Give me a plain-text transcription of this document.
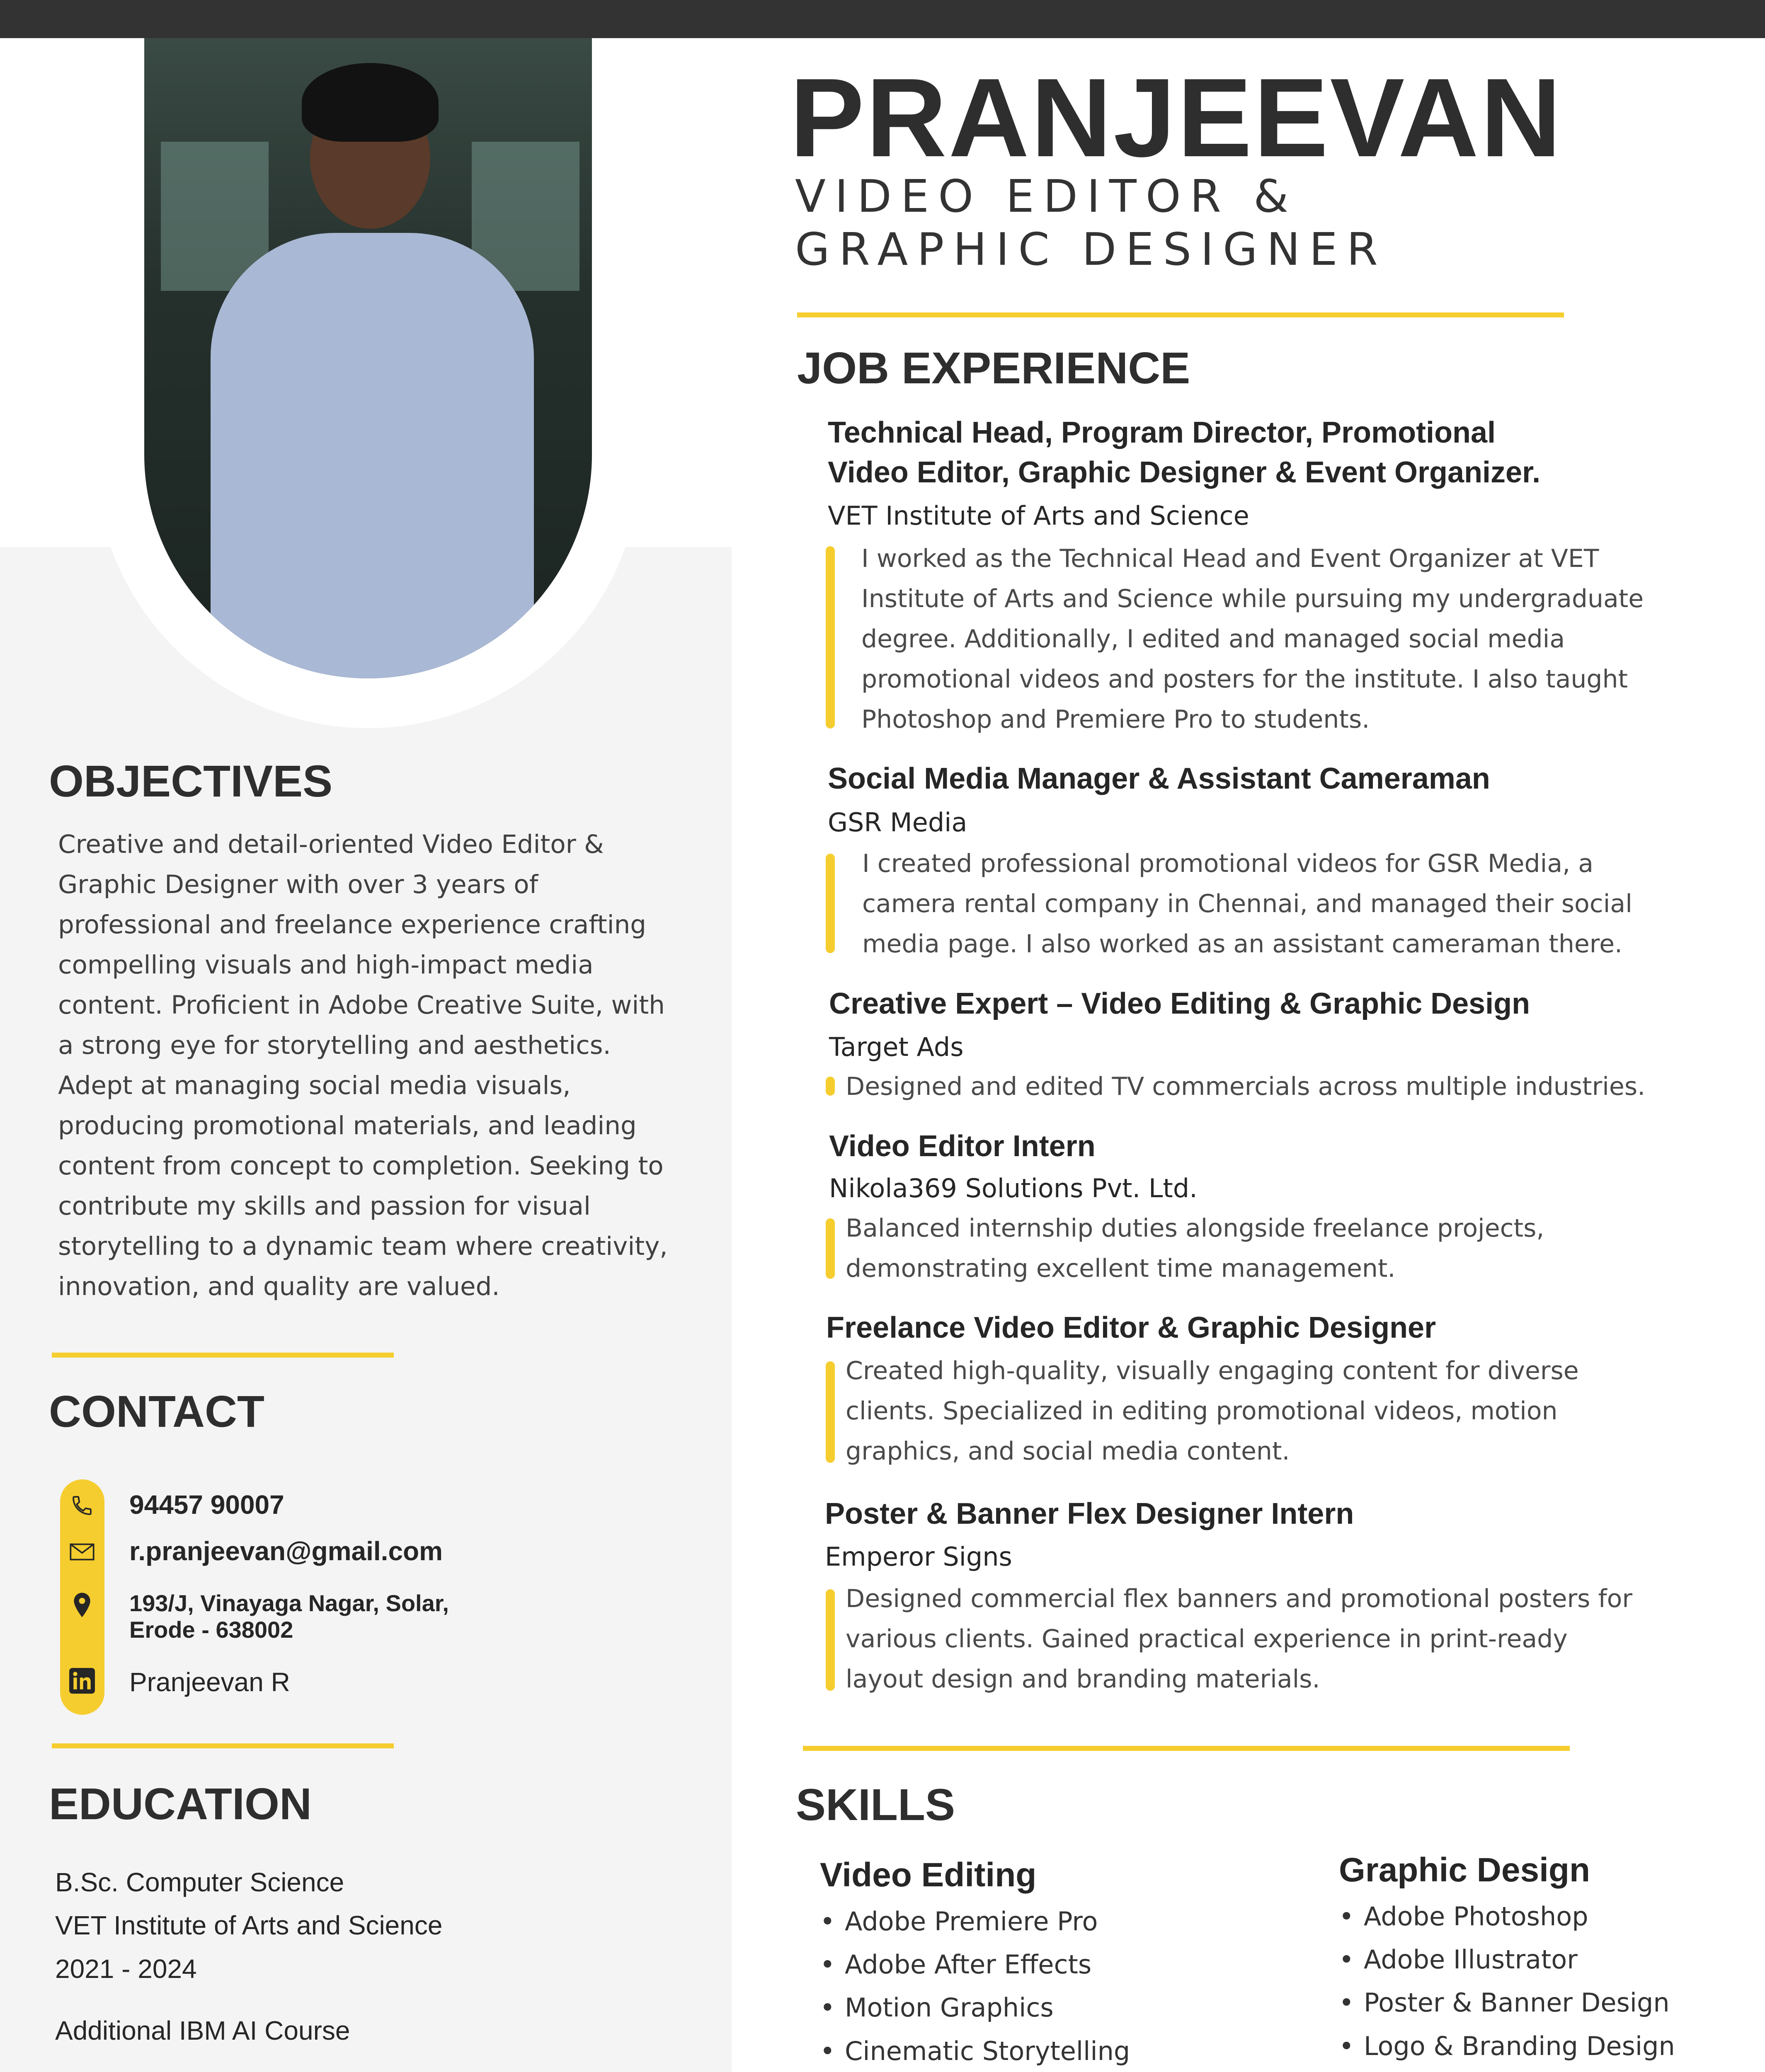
PRANJEEVAN
VIDEO EDITOR &
GRAPHIC DESIGNER
OBJECTIVES
Creative and detail-oriented Video Editor &
Graphic Designer with over 3 years of
professional and freelance experience crafting
compelling visuals and high-impact media
content. Proficient in Adobe Creative Suite, with
a strong eye for storytelling and aesthetics.
Adept at managing social media visuals,
producing promotional materials, and leading
content from concept to completion. Seeking to
contribute my skills and passion for visual
storytelling to a dynamic team where creativity,
innovation, and quality are valued.
CONTACT
94457 90007
r.pranjeevan@gmail.com
193/J, Vinayaga Nagar, Solar,
Erode - 638002
Pranjeevan R
EDUCATION
B.Sc. Computer Science
VET Institute of Arts and Science
2021 - 2024
Additional IBM AI Course
JOB EXPERIENCE
Technical Head, Program Director, Promotional
Video Editor, Graphic Designer & Event Organizer.
VET Institute of Arts and Science
I worked as the Technical Head and Event Organizer at VET
Institute of Arts and Science while pursuing my undergraduate
degree. Additionally, I edited and managed social media
promotional videos and posters for the institute. I also taught
Photoshop and Premiere Pro to students.
Social Media Manager & Assistant Cameraman
GSR Media
I created professional promotional videos for GSR Media, a
camera rental company in Chennai, and managed their social
media page. I also worked as an assistant cameraman there.
Creative Expert – Video Editing & Graphic Design
Target Ads
Designed and edited TV commercials across multiple industries.
Video Editor Intern
Nikola369 Solutions Pvt. Ltd.
Balanced internship duties alongside freelance projects,
demonstrating excellent time management.
Freelance Video Editor & Graphic Designer
Created high-quality, visually engaging content for diverse
clients. Specialized in editing promotional videos, motion
graphics, and social media content.
Poster & Banner Flex Designer Intern
Emperor Signs
Designed commercial flex banners and promotional posters for
various clients. Gained practical experience in print-ready
layout design and branding materials.
SKILLS
Video Editing
• Adobe Premiere Pro
• Adobe After Effects
• Motion Graphics
• Cinematic Storytelling
Graphic Design
• Adobe Photoshop
• Adobe Illustrator
• Poster & Banner Design
• Logo & Branding Design
